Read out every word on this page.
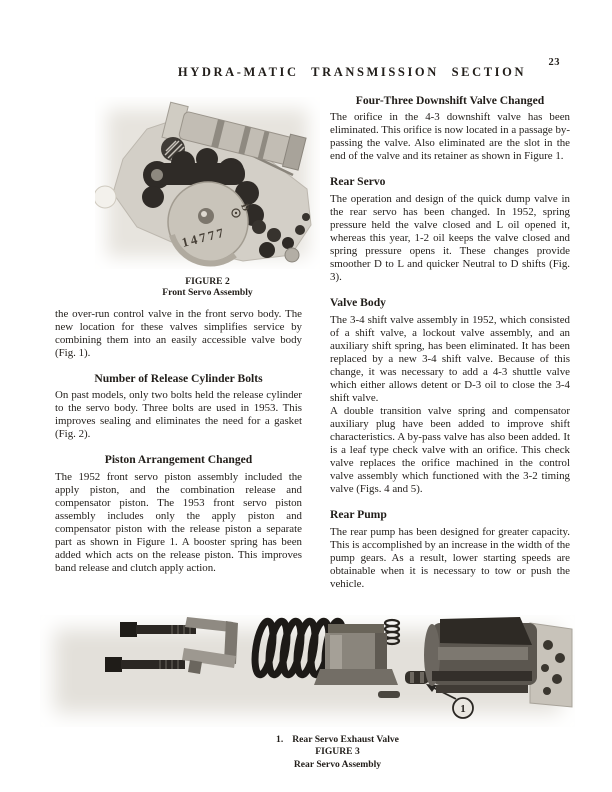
23
HYDRA-MATIC TRANSMISSION SECTION
14777
D
FIGURE 2
Front Servo Assembly

the over-run control valve in the front servo body. The new location for these valves simplifies service by combining them into an easily accessible valve body (Fig. 1).

Number of Release Cylinder Bolts

On past models, only two bolts held the release cylinder to the servo body. Three bolts are used in 1953. This improves sealing and eliminates the need for a gasket (Fig. 2).

Piston Arrangement Changed

The 1952 front servo piston assembly included the apply piston, and the combination release and compensator piston. The 1953 front servo piston assembly includes only the apply piston and compensator piston with the release piston a separate part as shown in Figure 1. A booster spring has been added which acts on the release piston. This improves band release and clutch apply action.

Four-Three Downshift Valve Changed

The orifice in the 4-3 downshift valve has been eliminated. This orifice is now located in a passage by-passing the valve. Also eliminated are the slot in the end of the valve and its retainer as shown in Figure 1.

Rear Servo

The operation and design of the quick dump valve in the rear servo has been changed. In 1952, spring pressure held the valve closed and L oil opened it, whereas this year, 1-2 oil keeps the valve closed and spring pressure opens it. These changes provide smoother D to L and quicker Neutral to D shifts (Fig. 3).

Valve Body

The 3-4 shift valve assembly in 1952, which consisted of a shift valve, a lockout valve assembly, and an auxiliary shift spring, has been eliminated. It has been replaced by a new 3-4 shift valve. Because of this change, it was necessary to add a 4-3 shuttle valve which either allows detent or D-3 oil to close the 3-4 shift valve.

A double transition valve spring and compensator auxiliary plug have been added to improve shift characteristics. A by-pass valve has also been added. It is a leaf type check valve with an orifice. This check valve replaces the orifice machined in the control valve assembly which functioned with the 3-2 timing valve (Figs. 4 and 5).

Rear Pump

The rear pump has been designed for greater capacity. This is accomplished by an increase in the width of the pump gears. As a result, lower starting speeds are obtainable when it is necessary to tow or push the vehicle.

1
1. Rear Servo Exhaust Valve
FIGURE 3
Rear Servo Assembly
